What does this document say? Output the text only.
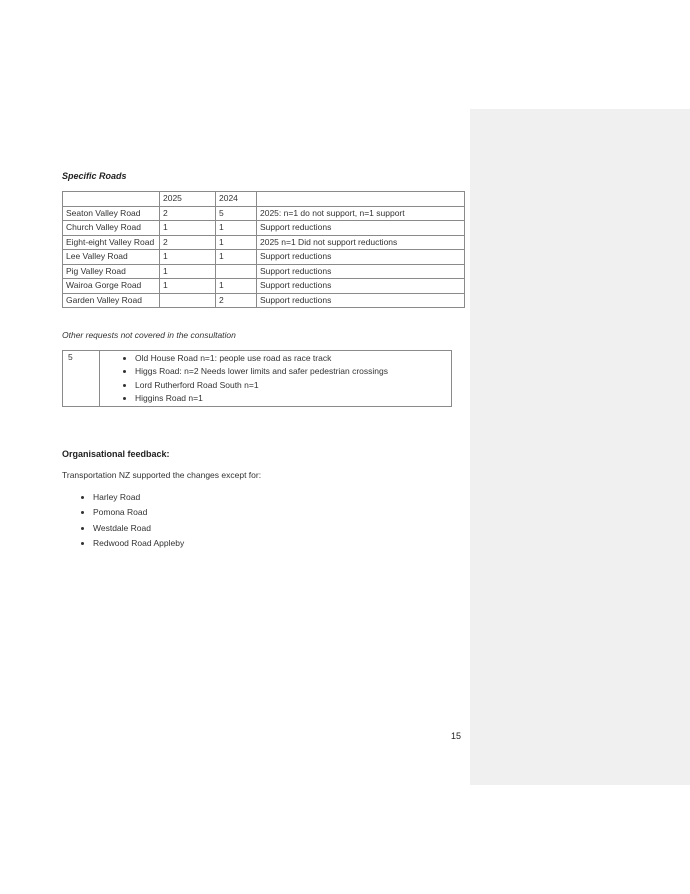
Specific Roads

	2025	2024	
Seaton Valley Road	2	5	2025: n=1 do not support, n=1 support
Church Valley Road	1	1	Support reductions
Eight-eight Valley Road	2	1	2025 n=1 Did not support reductions
Lee Valley Road	1	1	Support reductions
Pig Valley Road	1		Support reductions
Wairoa Gorge Road	1	1	Support reductions
Garden Valley Road		2	Support reductions

Other requests not covered in the consultation

5	
•Old House Road n=1: people use road as race track
• Higgs Road: n=2 Needs lower limits and safer pedestrian crossings
• Lord Rutherford Road South n=1
• Higgins Road n=1

Organisational feedback:

Transportation NZ supported the changes except for:

• Harley Road
• Pomona Road
• Westdale Road
• Redwood Road Appleby
15
